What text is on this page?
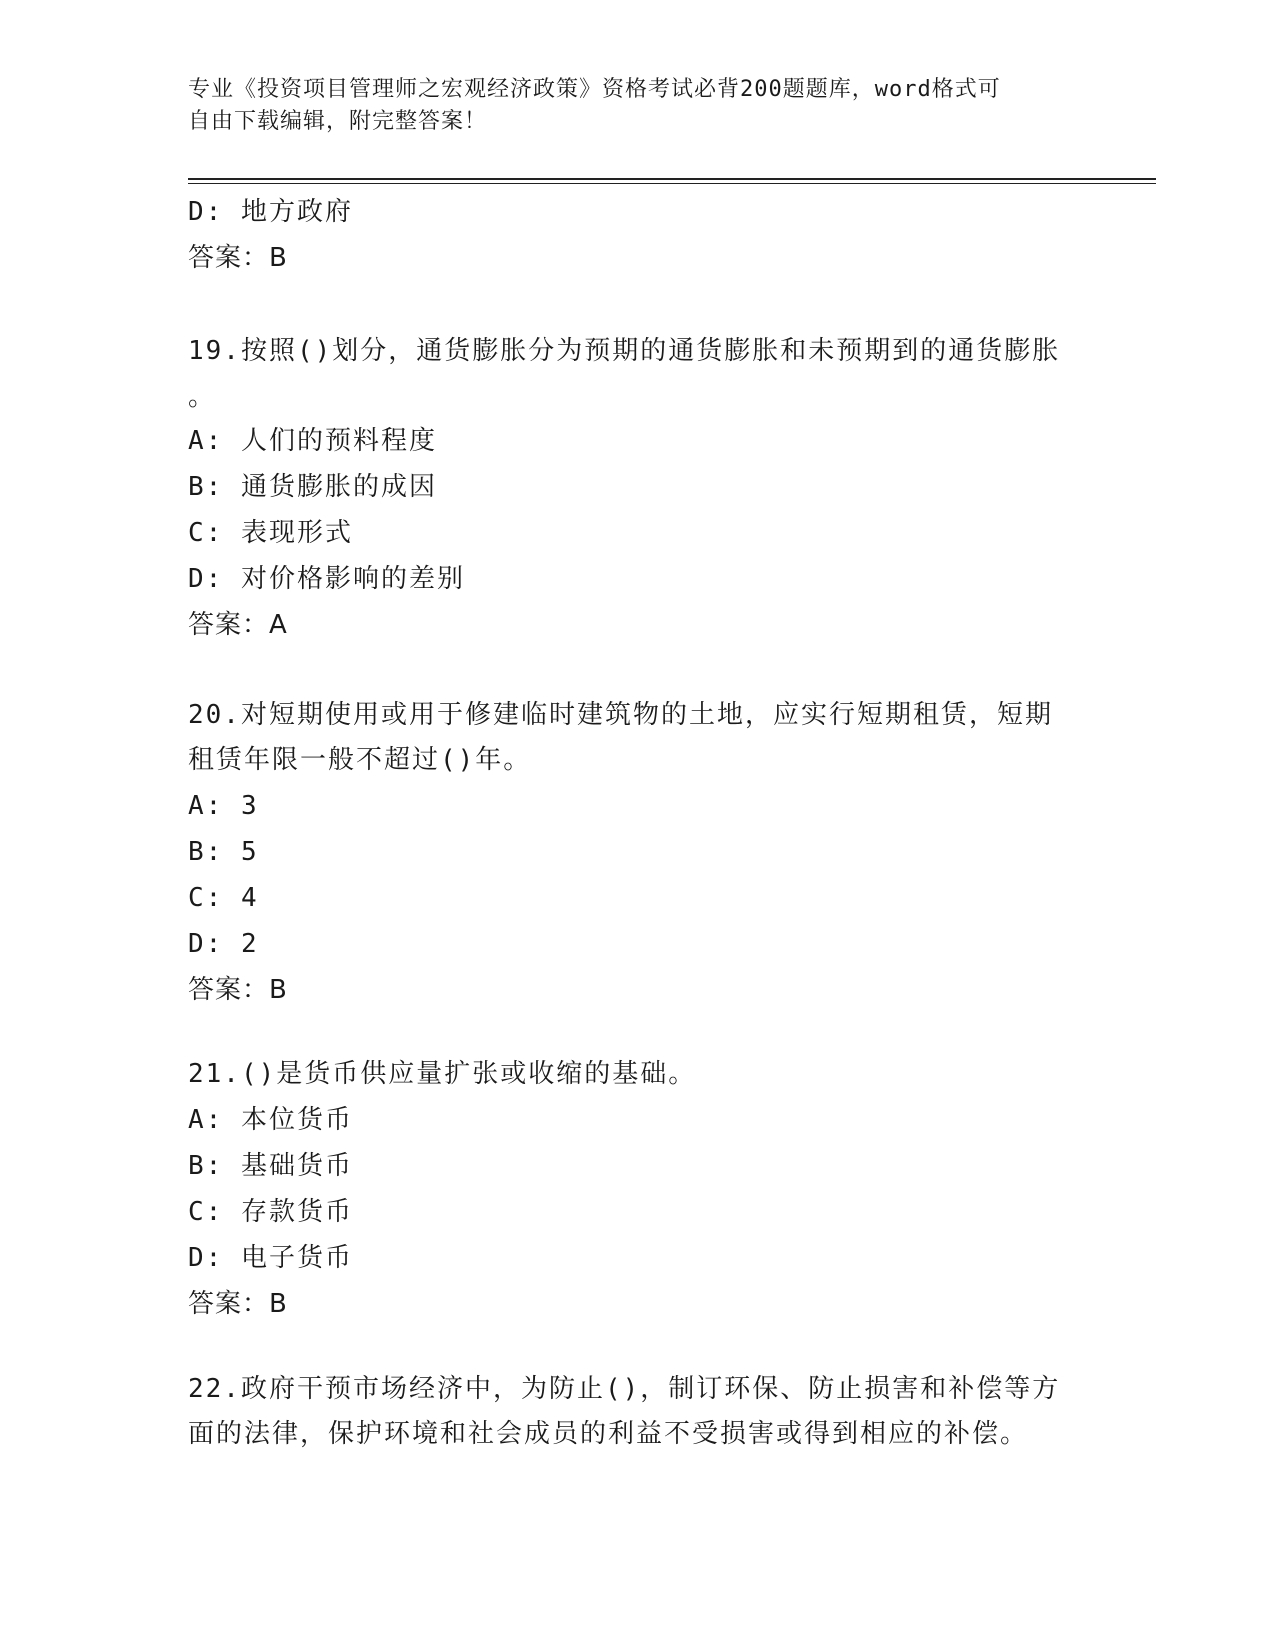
专业《投资项目管理师之宏观经济政策》资格考试必背200题题库，word格式可
自由下载编辑，附完整答案！
D: 地方政府
答案：B
19.按照()划分，通货膨胀分为预期的通货膨胀和未预期到的通货膨胀
。
A: 人们的预料程度
B: 通货膨胀的成因
C: 表现形式
D: 对价格影响的差别
答案：A
20.对短期使用或用于修建临时建筑物的土地，应实行短期租赁，短期
租赁年限一般不超过()年。
A: 3
B: 5
C: 4
D: 2
答案：B
21.()是货币供应量扩张或收缩的基础。
A: 本位货币
B: 基础货币
C: 存款货币
D: 电子货币
答案：B
22.政府干预市场经济中，为防止()，制订环保、防止损害和补偿等方
面的法律，保护环境和社会成员的利益不受损害或得到相应的补偿。
